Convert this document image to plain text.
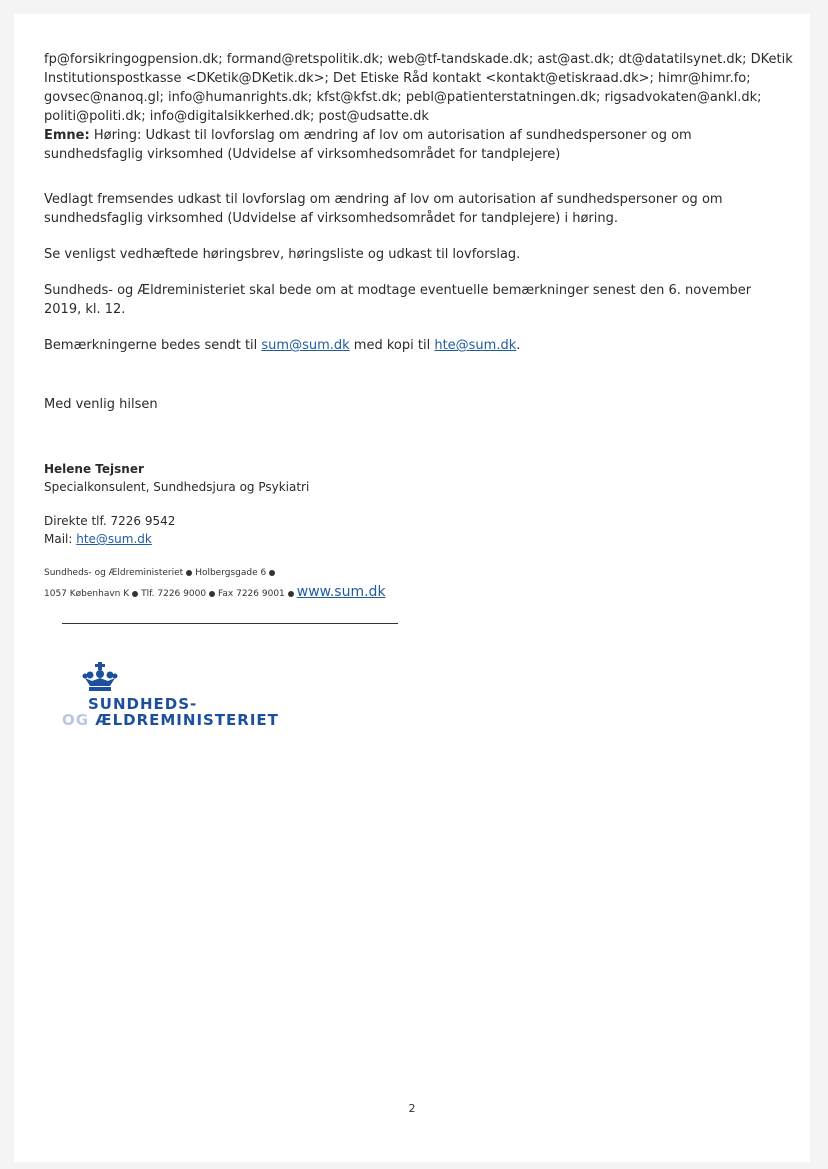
fp@forsikringogpension.dk; formand@retspolitik.dk; web@tf-tandskade.dk; ast@ast.dk; dt@datatilsynet.dk; DKetik
Institutionspostkasse <DKetik@DKetik.dk>; Det Etiske Råd kontakt <kontakt@etiskraad.dk>; himr@himr.fo;
govsec@nanoq.gl; info@humanrights.dk; kfst@kfst.dk; pebl@patienterstatningen.dk; rigsadvokaten@ankl.dk;
politi@politi.dk; info@digitalsikkerhed.dk; post@udsatte.dk
Emne: Høring: Udkast til lovforslag om ændring af lov om autorisation af sundhedspersoner og om sundhedsfaglig virksomhed (Udvidelse af virksomhedsområdet for tandplejere)

Vedlagt fremsendes udkast til lovforslag om ændring af lov om autorisation af sundhedspersoner og om sundhedsfaglig virksomhed (Udvidelse af virksomhedsområdet for tandplejere) i høring.

Se venligst vedhæftede høringsbrev, høringsliste og udkast til lovforslag.

Sundheds- og Ældreministeriet skal bede om at modtage eventuelle bemærkninger senest den 6. november 2019, kl. 12.

Bemærkningerne bedes sendt til sum@sum.dk med kopi til hte@sum.dk.

Med venlig hilsen
Helene Tejsner
Specialkonsulent, Sundhedsjura og Psykiatri
Direkte tlf. 7226 9542
Mail: hte@sum.dk
Sundheds- og Ældreministeriet Holbergsgade 6
1057 København K Tlf. 7226 9000 Fax 7226 9001 www.sum.dk
SUNDHEDS-
OG ÆLDREMINISTERIET
2
